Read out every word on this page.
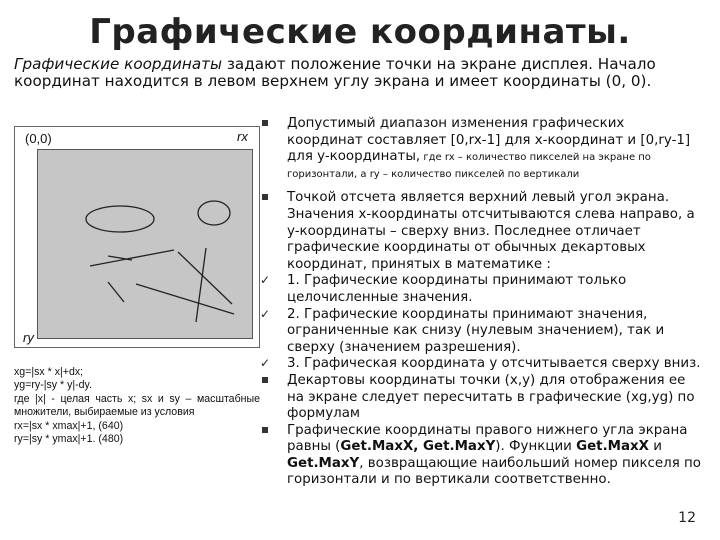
Графические координаты.
Графические координаты задают положение точки на экране дисплея. Начало координат находится в левом верхнем углу экрана и имеет координаты (0, 0).
(0,0)	rx
ry
xg=|sx * x|+dx;
yg=ry-|sy * y|-dy.
где |x| - целая часть x; sx и sy – масштабные множители, выбираемые из условия
rx=|sx * xmax|+1, (640)
ry=|sy * ymax|+1. (480)
Допустимый диапазон изменения графических координат составляет [0,rx-1] для x-координат и [0,ry-1] для y-координаты, где rx – количество пикселей на экране по горизонтали, а ry – количество пикселей по вертикали
Точкой отсчета является верхний левый угол экрана. Значения x-координаты отсчитываются слева направо, а y-координаты – сверху вниз. Последнее отличает графические координаты от обычных декартовых координат, принятых в математике :
✓ 1. Графические координаты принимают только целочисленные значения.
✓ 2. Графические координаты принимают значения, ограниченные как снизу (нулевым значением), так и сверху (значением разрешения).
✓ 3. Графическая координата y отсчитывается сверху вниз.
Декартовы координаты точки (x,y) для отображения ее на экране следует пересчитать в графические (xg,yg) по формулам
Графические координаты правого нижнего угла экрана равны (Get.MaxX, Get.MaxY). Функции Get.MaxX и Get.MaxY, возвращающие наибольший номер пикселя по горизонтали и по вертикали соответственно.
12
